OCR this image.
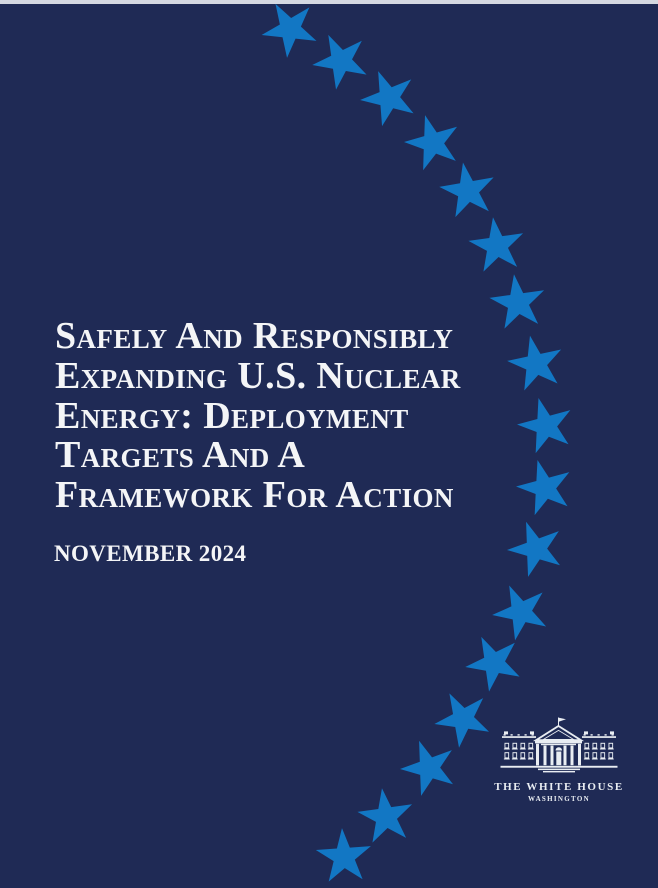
Safely And Responsibly
Expanding U.S. Nuclear
Energy: Deployment
Targets And A
Framework For Action
NOVEMBER 2024
THE WHITE HOUSE
WASHINGTON
